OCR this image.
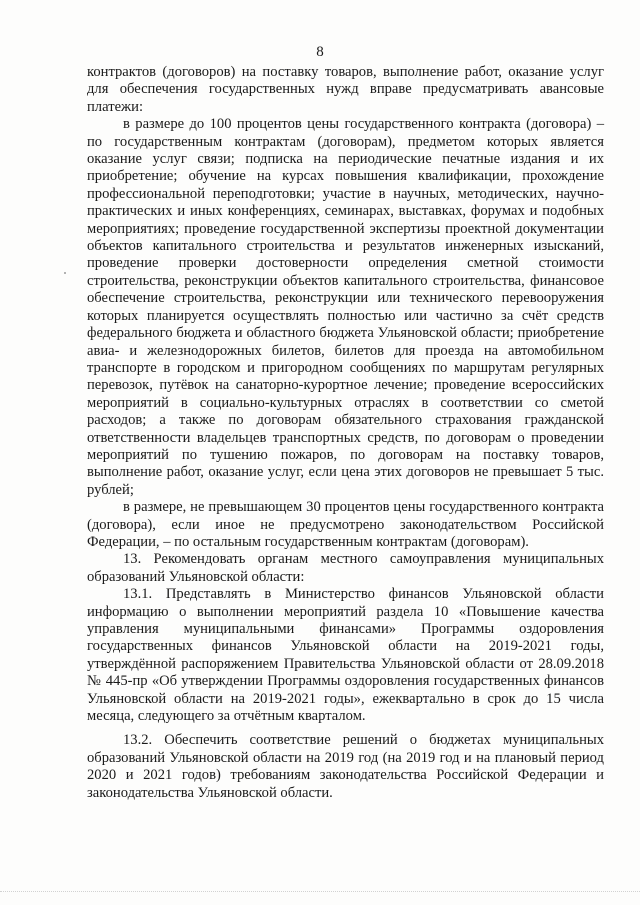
8

контрактов (договоров) на поставку товаров, выполнение работ, оказание услуг для обеспечения государственных нужд вправе предусматривать авансовые платежи:

в размере до 100 процентов цены государственного контракта (договора) – по государственным контрактам (договорам), предметом которых является оказание услуг связи; подписка на периодические печатные издания и их приобретение; обучение на курсах повышения квалификации, прохождение профессиональной переподготовки; участие в научных, методических, научно-практических и иных конференциях, семинарах, выставках, форумах и подобных мероприятиях; проведение государственной экспертизы проектной документации объектов капитального строительства и результатов инженерных изысканий, проведение проверки достоверности определения сметной стоимости строительства, реконструкции объектов капитального строительства, финансовое обеспечение строительства, реконструкции или технического перевооружения которых планируется осуществлять полностью или частично за счёт средств федерального бюджета и областного бюджета Ульяновской области; приобретение авиа- и железнодорожных билетов, билетов для проезда на автомобильном транспорте в городском и пригородном сообщениях по маршрутам регулярных перевозок, путёвок на санаторно-курортное лечение; проведение всероссийских мероприятий в социально-культурных отраслях в соответствии со сметой расходов; а также по договорам обязательного страхования гражданской ответственности владельцев транспортных средств, по договорам о проведении мероприятий по тушению пожаров, по договорам на поставку товаров, выполнение работ, оказание услуг, если цена этих договоров не превышает 5 тыс. рублей;

в размере, не превышающем 30 процентов цены государственного контракта (договора), если иное не предусмотрено законодательством Российской Федерации, – по остальным государственным контрактам (договорам).

13. Рекомендовать органам местного самоуправления муниципальных образований Ульяновской области:

13.1. Представлять в Министерство финансов Ульяновской области информацию о выполнении мероприятий раздела 10 «Повышение качества управления муниципальными финансами» Программы оздоровления государственных финансов Ульяновской области на 2019-2021 годы, утверждённой распоряжением Правительства Ульяновской области от 28.09.2018 № 445-пр «Об утверждении Программы оздоровления государственных финансов Ульяновской области на 2019-2021 годы», ежеквартально в срок до 15 числа месяца, следующего за отчётным кварталом.

13.2. Обеспечить соответствие решений о бюджетах муниципальных образований Ульяновской области на 2019 год (на 2019 год и на плановый период 2020 и 2021 годов) требованиям законодательства Российской Федерации и законодательства Ульяновской области.
